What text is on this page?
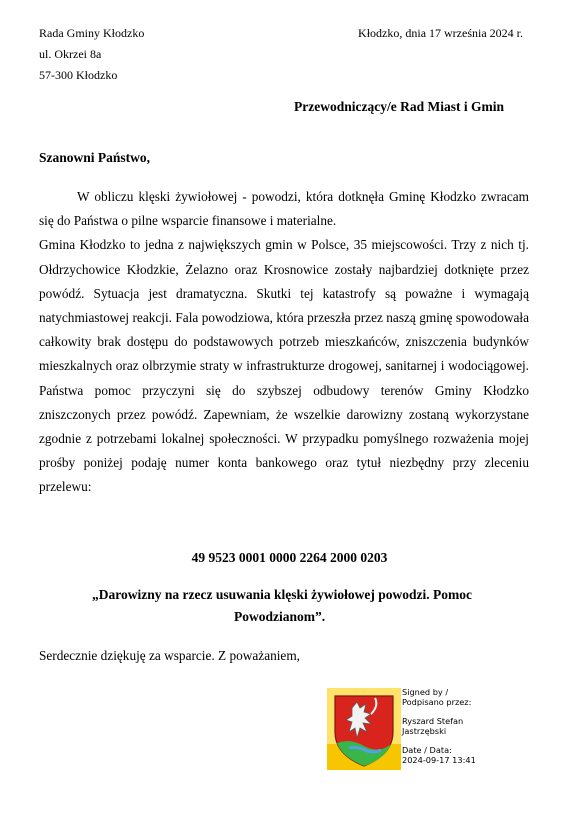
Rada Gminy Kłodzko
ul. Okrzei 8a
57-300 Kłodzko
Kłodzko, dnia 17 września 2024 r.
Przewodniczący/e Rad Miast i Gmin
Szanowni Państwo,

W obliczu klęski żywiołowej - powodzi, która dotknęła Gminę Kłodzko zwracam się do Państwa o pilne wsparcie finansowe i materialne.

Gmina Kłodzko to jedna z największych gmin w Polsce, 35 miejscowości. Trzy z nich tj. Ołdrzychowice Kłodzkie, Żelazno oraz Krosnowice zostały najbardziej dotknięte przez powódź. Sytuacja jest dramatyczna. Skutki tej katastrofy są poważne i wymagają natychmiastowej reakcji. Fala powodziowa, która przeszła przez naszą gminę spowodowała całkowity brak dostępu do podstawowych potrzeb mieszkańców, zniszczenia budynków mieszkalnych oraz olbrzymie straty w infrastrukturze drogowej, sanitarnej i wodociągowej. Państwa pomoc przyczyni się do szybszej odbudowy terenów Gminy Kłodzko zniszczonych przez powódź. Zapewniam, że wszelkie darowizny zostaną wykorzystane zgodnie z potrzebami lokalnej społeczności. W przypadku pomyślnego rozważenia mojej prośby poniżej podaję numer konta bankowego oraz tytuł niezbędny przy zleceniu przelewu:

49 9523 0001 0000 2264 2000 0203
„Darowizny na rzecz usuwania klęski żywiołowej powodzi. Pomoc
Powodzianom”.
Serdecznie dziękuję za wsparcie. Z poważaniem,
Signed by /
Podpisano przez:
Ryszard Stefan
Jastrzębski
Date / Data:
2024-09-17 13:41
